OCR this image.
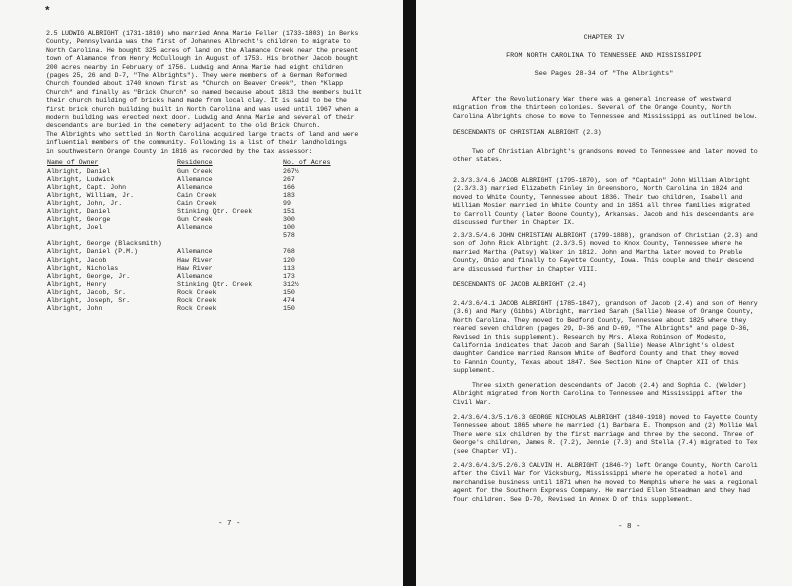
*
2.5 LUDWIG ALBRIGHT (1731-1810) who married Anna Marie Feller (1733-1803) in Berks
County, Pennsylvania was the first of Johannes Albrecht's children to migrate to
North Carolina. He bought 325 acres of land on the Alamance Creek near the present
town of Alamance from Henry McCullough in August of 1753. His brother Jacob bought
200 acres nearby in February of 1756. Ludwig and Anna Marie had eight children
(pages 25, 26 and D-7, "The Albrights"). They were members of a German Reformed
Church founded about 1740 known first as "Church on Beaver Creek", then "Klapp
Church" and finally as "Brick Church" so named because about 1813 the members built
their church building of bricks hand made from local clay. It is said to be the
first brick church building built in North Carolina and was used until 1967 when a
modern building was erected next door. Ludwig and Anna Marie and several of their
descendants are buried in the cemetery adjacent to the old Brick Church.
The Albrights who settled in North Carolina acquired large tracts of land and were
influential members of the community. Following is a list of their landholdings
in southwestern Orange County in 1816 as recorded by the tax assessor:
Name of Owner	Residence	No. of Acres
Albright, Daniel	Gun Creek	267½
Albright, Ludwick	Allemance	267
Albright, Capt. John	Allemance	166
Albright, William, Jr.	Cain Creek	183
Albright, John, Jr.	Cain Creek	99
Albright, Daniel	Stinking Qtr. Creek	151
Albright, George	Gun Creek	300
Albright, Joel	Allemance	100
		578
Albright, George (Blacksmith)		
Albright, Daniel (P.M.)	Allemance	768
Albright, Jacob	Haw River	120
Albright, Nicholas	Haw River	113
Albright, George, Jr.	Allemance	173
Albright, Henry	Stinking Qtr. Creek	312½
Albright, Jacob, Sr.	Rock Creek	150
Albright, Joseph, Sr.	Rock Creek	474
Albright, John	Rock Creek	150
- 7 -
CHAPTER IV
FROM NORTH CAROLINA TO TENNESSEE AND MISSISSIPPI
See Pages 28-34 of "The Albrights"
After the Revolutionary War there was a general increase of westward
migration from the thirteen colonies. Several of the Orange County, North
Carolina Albrights chose to move to Tennessee and Mississippi as outlined below.
DESCENDANTS OF CHRISTIAN ALBRIGHT (2.3)
Two of Christian Albright's grandsons moved to Tennessee and later moved to
other states.
2.3/3.3/4.6 JACOB ALBRIGHT (1795-1870), son of "Captain" John William Albright
(2.3/3.3) married Elizabeth Finley in Greensboro, North Carolina in 1824 and
moved to White County, Tennessee about 1836. Their two children, Isabell and
William Mosier married in White County and in 1851 all three families migrated
to Carroll County (later Boone County), Arkansas. Jacob and his descendants are
discussed further in Chapter IX.
2.3/3.5/4.6 JOHN CHRISTIAN ALBRIGHT (1799-1888), grandson of Christian (2.3) and
son of John Rick Albright (2.3/3.5) moved to Knox County, Tennessee where he
married Martha (Patsy) Walker in 1812. John and Martha later moved to Preble
County, Ohio and finally to Fayette County, Iowa. This couple and their descend
are discussed further in Chapter VIII.
DESCENDANTS OF JACOB ALBRIGHT (2.4)
2.4/3.6/4.1 JACOB ALBRIGHT (1785-1847), grandson of Jacob (2.4) and son of Henry
(3.6) and Mary (Gibbs) Albright, married Sarah (Sallie) Nease of Orange County,
North Carolina. They moved to Bedford County, Tennessee about 1825 where they
reared seven children (pages 29, D-36 and D-69, "The Albrights" and page D-36,
Revised in this supplement). Research by Mrs. Alexa Robinson of Modesto,
California indicates that Jacob and Sarah (Sallie) Nease Albright's oldest
daughter Candice married Ransom White of Bedford County and that they moved
to Fannin County, Texas about 1847. See Section Nine of Chapter XII of this
supplement.
Three sixth generation descendants of Jacob (2.4) and Sophia C. (Welder)
Albright migrated from North Carolina to Tennessee and Mississippi after the
Civil War.
2.4/3.6/4.3/5.1/6.3 GEORGE NICHOLAS ALBRIGHT (1840-1918) moved to Fayette County
Tennessee about 1865 where he married (1) Barbara E. Thompson and (2) Mollie Wal
There were six children by the first marriage and three by the second. Three of
George's children, James R. (7.2), Jennie (7.3) and Stella (7.4) migrated to Tex
(see Chapter VI).
2.4/3.6/4.3/5.2/6.3 CALVIN H. ALBRIGHT (1846-?) left Orange County, North Caroli
after the Civil War for Vicksburg, Mississippi where he operated a hotel and
merchandise business until 1871 when he moved to Memphis where he was a regional
agent for the Southern Express Company. He married Ellen Steadman and they had
four children. See D-70, Revised in Annex D of this supplement.
- 8 -
